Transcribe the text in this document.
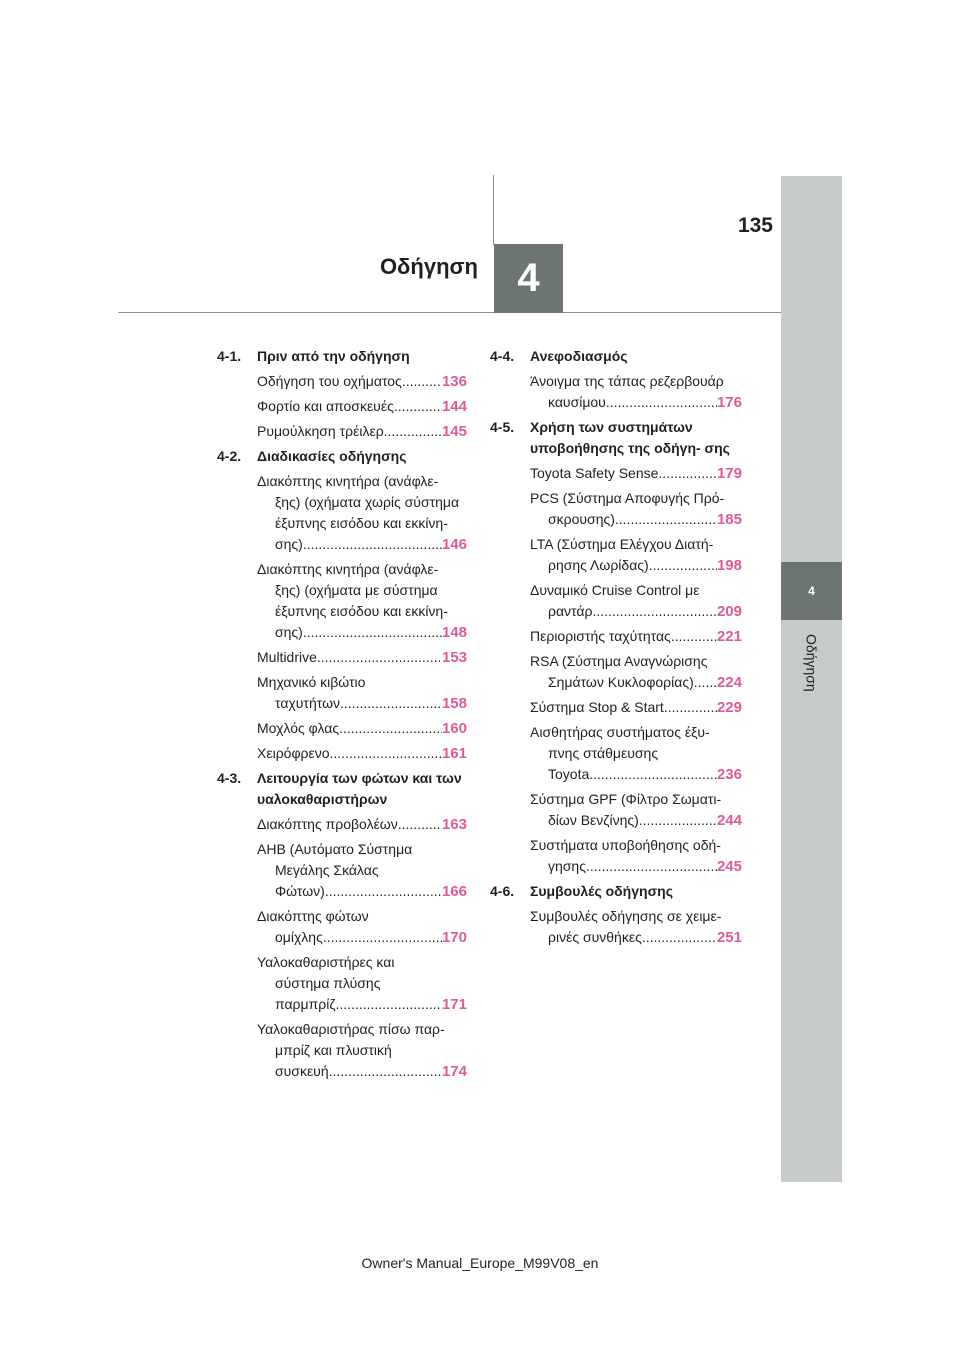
135
Οδήγηση 4
4
Οδήγηση
4-1.	Πριν από την οδήγηση
Οδήγηση του οχήματος .....	136
Φορτίο και αποσκευές .....	144
Ρυμούλκηση τρέιλερ .....	145
4-2.	Διαδικασίες οδήγησης
Διακόπτης κινητήρα (ανάφλε-
ξης) (οχήματα χωρίς σύστημα
έξυπνης εισόδου και εκκίνη-
σης) .....	146
Διακόπτης κινητήρα (ανάφλε-
ξης) (οχήματα με σύστημα
έξυπνης εισόδου και εκκίνη-
σης) .....	148
Multidrive .....	153
Μηχανικό κιβώτιο
ταχυτήτων .....	158
Μοχλός φλας .....	160
Χειρόφρενο .....	161
4-3.	Λειτουργία των φώτων και των υαλοκαθαριστήρων
Διακόπτης προβολέων .....	163
AHB (Αυτόματο Σύστημα
Μεγάλης Σκάλας
Φώτων) .....	166
Διακόπτης φώτων
ομίχλης .....	170
Υαλοκαθαριστήρες και
σύστημα πλύσης
παρμπρίζ .....	171
Υαλοκαθαριστήρας πίσω παρ-
μπρίζ και πλυστική
συσκευή .....	174
4-4.	Ανεφοδιασμός
Άνοιγμα της τάπας ρεζερβουάρ
καυσίμου .....	176
4-5.	Χρήση των συστημάτων υποβοήθησης της οδήγη- σης
Toyota Safety Sense .....	179
PCS (Σύστημα Αποφυγής Πρό-
σκρουσης) .....	185
LTA (Σύστημα Ελέγχου Διατή-
ρησης Λωρίδας) .....	198
Δυναμικό Cruise Control με
ραντάρ .....	209
Περιοριστής ταχύτητας .....	221
RSA (Σύστημα Αναγνώρισης
Σημάτων Κυκλοφορίας) ..... 224
Σύστημα Stop & Start .....	229
Αισθητήρας συστήματος έξυ-
πνης στάθμευσης
Toyota .....	236
Σύστημα GPF (Φίλτρο Σωματι-
δίων Βενζίνης) .....	244
Συστήματα υποβοήθησης οδή-
γησης .....	245
4-6.	Συμβουλές οδήγησης
Συμβουλές οδήγησης σε χειμε-
ρινές συνθήκες .....	251
Owner's Manual_Europe_M99V08_en
